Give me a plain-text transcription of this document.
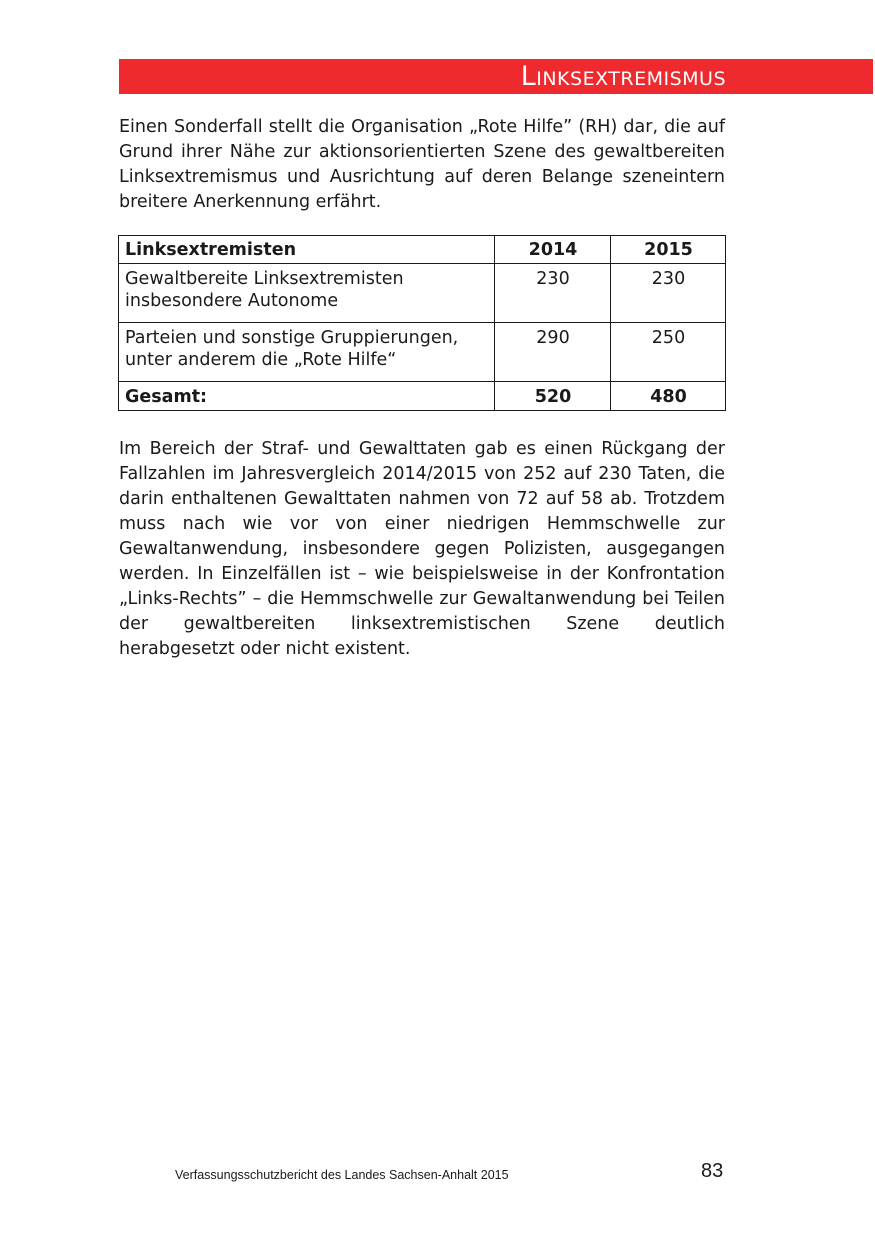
Linksextremismus

Einen Sonderfall stellt die Organisation „Rote Hilfe” (RH) dar, die auf Grund ihrer Nähe zur aktionsorientierten Szene des gewaltbereiten Linksextremismus und Ausrichtung auf deren Belange szeneintern breitere Anerkennung erfährt.

Linksextremisten	2014	2015
Gewaltbereite Linksextremisten insbesondere Autonome	230	230
Parteien und sonstige Gruppierungen, unter anderem die „Rote Hilfe“	290	250
Gesamt:	520	480

Im Bereich der Straf- und Gewalttaten gab es einen Rückgang der Fallzahlen im Jahresvergleich 2014/2015 von 252 auf 230 Taten, die darin enthaltenen Gewalttaten nahmen von 72 auf 58 ab. Trotzdem muss nach wie vor von einer niedrigen Hemmschwelle zur Gewaltanwendung, insbesondere gegen Polizisten, ausgegangen werden. In Einzelfällen ist – wie beispielsweise in der Konfrontation „Links-Rechts” – die Hemmschwelle zur Gewaltanwendung bei Teilen der gewaltbereiten linksextremistischen Szene deutlich herabgesetzt oder nicht existent.

Verfassungsschutzbericht des Landes Sachsen-Anhalt 2015	83
